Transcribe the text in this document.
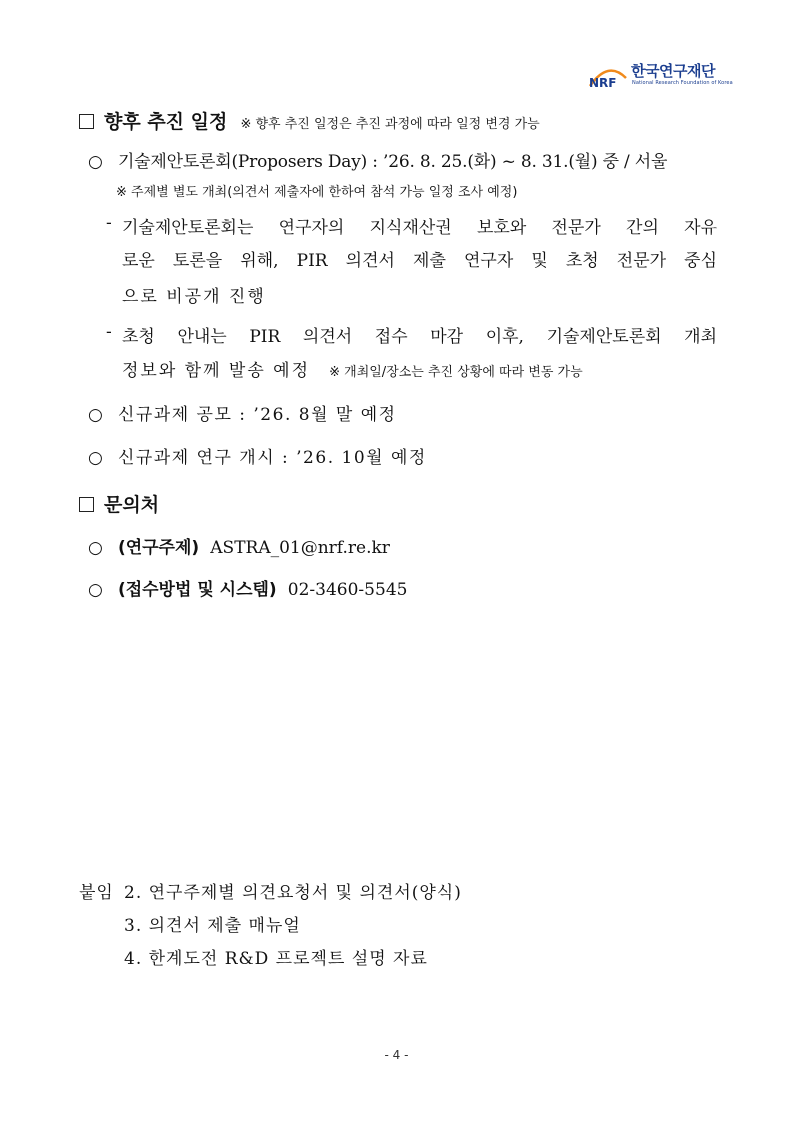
NRF
한국연구재단
National Research Foundation of Korea
향후 추진 일정 ※ 향후 추진 일정은 추진 과정에 따라 일정 변경 가능
○ 기술제안토론회(Proposers Day) : ’26. 8. 25.(화) ~ 8. 31.(월) 중 / 서울
※ 주제별 별도 개최(의견서 제출자에 한하여 참석 가능 일정 조사 예정)
- 기술제안토론회는 연구자의 지식재산권 보호와 전문가 간의 자유
로운 토론을 위해, PIR 의견서 제출 연구자 및 초청 전문가 중심
으로 비공개 진행
- 초청 안내는 PIR 의견서 접수 마감 이후, 기술제안토론회 개최
정보와 함께 발송 예정 ※ 개최일/장소는 추진 상황에 따라 변동 가능
○ 신규과제 공모 : ’26. 8월 말 예정
○ 신규과제 연구 개시 : ’26. 10월 예정
문의처
○ (연구주제) ASTRA_01@nrf.re.kr
○ (접수방법 및 시스템) 02-3460-5545
붙임 2. 연구주제별 의견요청서 및 의견서(양식)
3. 의견서 제출 매뉴얼
4. 한계도전 R&D 프로젝트 설명 자료
- 4 -
